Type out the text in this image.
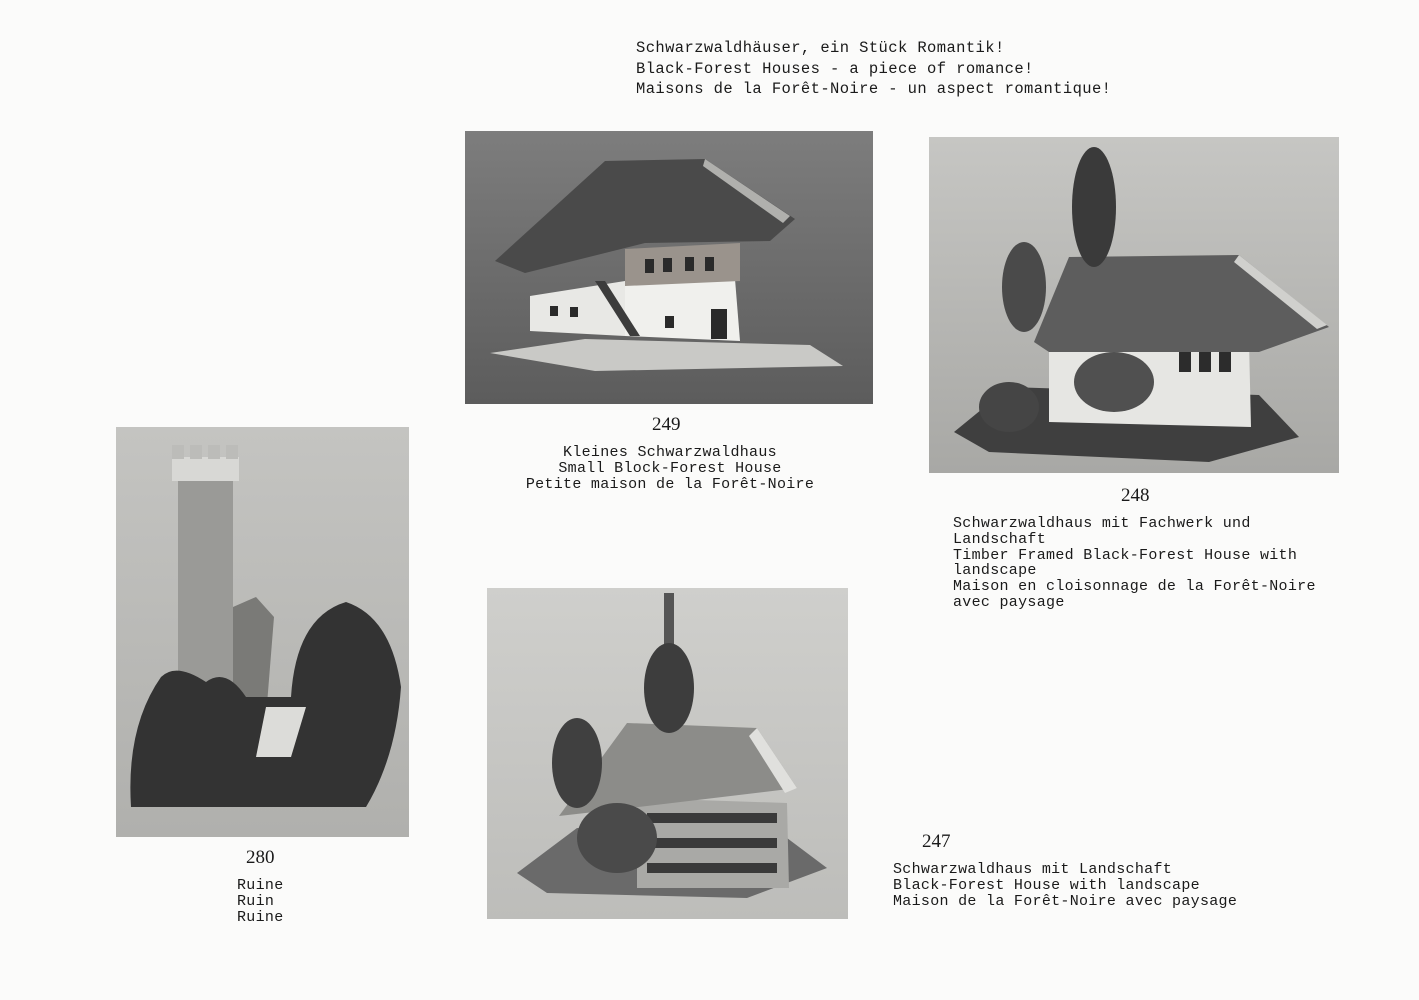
Schwarzwaldhäuser, ein Stück Romantik!
Black-Forest Houses - a piece of romance!
Maisons de la Forêt-Noire - un aspect romantique!
249
Kleines Schwarzwaldhaus
Small Block-Forest House
Petite maison de la Forêt-Noire
248
Schwarzwaldhaus mit Fachwerk und
Landschaft
Timber Framed Black-Forest House with
landscape
Maison en cloisonnage de la Forêt-Noire
avec paysage
280
Ruine
Ruin
Ruine
247
Schwarzwaldhaus mit Landschaft
Black-Forest House with landscape
Maison de la Forêt-Noire avec paysage
